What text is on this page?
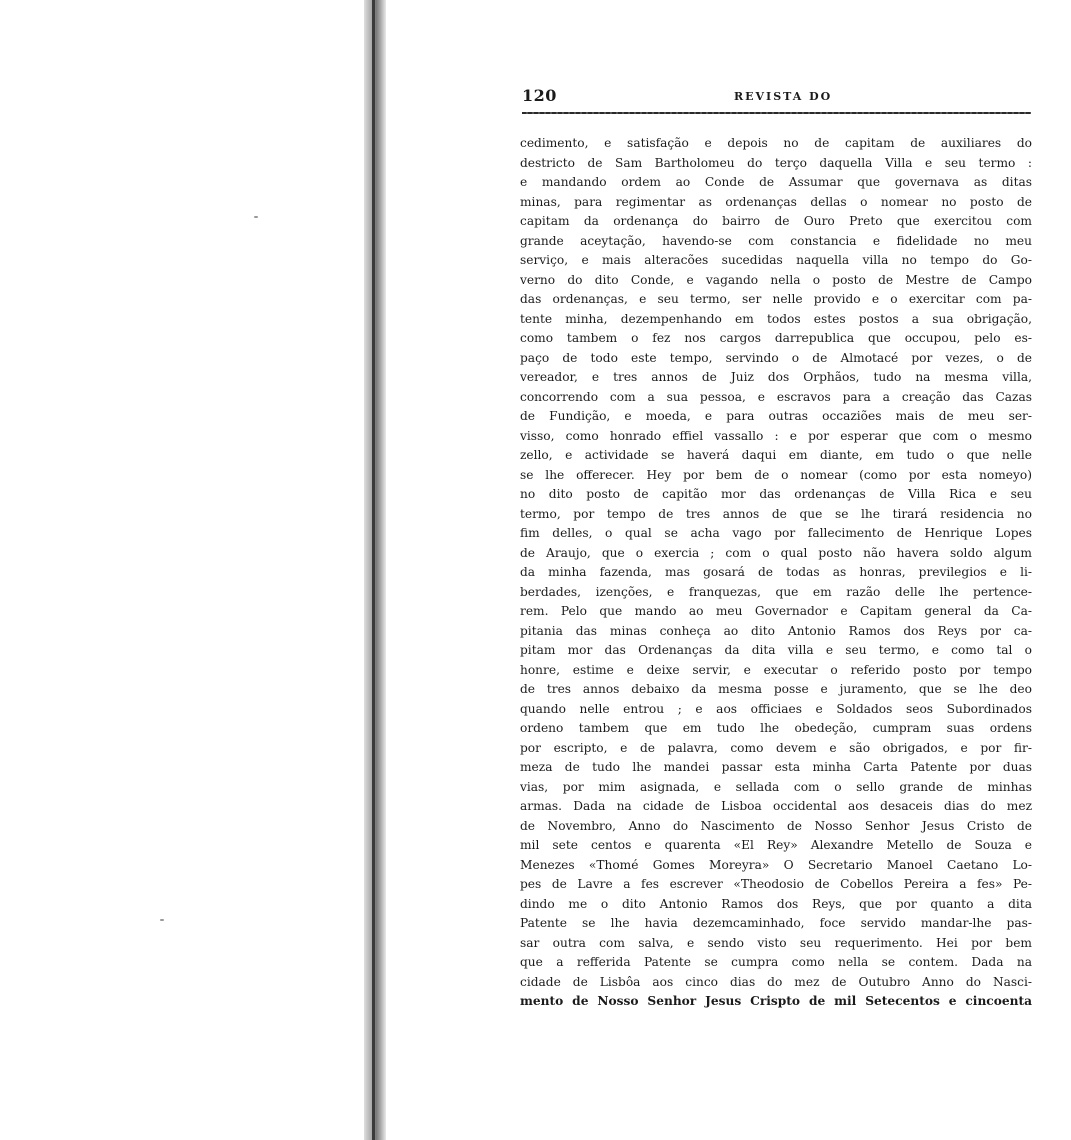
120	REVISTA DO
cedimento, e satisfação e depois no de capitam de auxiliares do
destricto de Sam Bartholomeu do terço daquella Villa e seu termo :
e mandando ordem ao Conde de Assumar que governava as ditas
minas, para regimentar as ordenanças dellas o nomear no posto de
capitam da ordenança do bairro de Ouro Preto que exercitou com
grande aceytação, havendo-se com constancia e fidelidade no meu
serviço, e mais alteracões sucedidas naquella villa no tempo do Go-
verno do dito Conde, e vagando nella o posto de Mestre de Campo
das ordenanças, e seu termo, ser nelle provido e o exercitar com pa-
tente minha, dezempenhando em todos estes postos a sua obrigação,
como tambem o fez nos cargos darrepublica que occupou, pelo es-
paço de todo este tempo, servindo o de Almotacé por vezes, o de
vereador, e tres annos de Juiz dos Orphãos, tudo na mesma villa,
concorrendo com a sua pessoa, e escravos para a creação das Cazas
de Fundição, e moeda, e para outras occaziões mais de meu ser-
visso, como honrado effiel vassallo : e por esperar que com o mesmo
zello, e actividade se haverá daqui em diante, em tudo o que nelle
se lhe offerecer. Hey por bem de o nomear (como por esta nomeyo)
no dito posto de capitão mor das ordenanças de Villa Rica e seu
termo, por tempo de tres annos de que se lhe tirará residencia no
fim delles, o qual se acha vago por fallecimento de Henrique Lopes
de Araujo, que o exercia ; com o qual posto não havera soldo algum
da minha fazenda, mas gosará de todas as honras, previlegios e li-
berdades, izenções, e franquezas, que em razão delle lhe pertence-
rem. Pelo que mando ao meu Governador e Capitam general da Ca-
pitania das minas conheça ao dito Antonio Ramos dos Reys por ca-
pitam mor das Ordenanças da dita villa e seu termo, e como tal o
honre, estime e deixe servir, e executar o referido posto por tempo
de tres annos debaixo da mesma posse e juramento, que se lhe deo
quando nelle entrou ; e aos officiaes e Soldados seos Subordinados
ordeno tambem que em tudo lhe obedeção, cumpram suas ordens
por escripto, e de palavra, como devem e são obrigados, e por fir-
meza de tudo lhe mandei passar esta minha Carta Patente por duas
vias, por mim asignada, e sellada com o sello grande de minhas
armas. Dada na cidade de Lisboa occidental aos desaceis dias do mez
de Novembro, Anno do Nascimento de Nosso Senhor Jesus Cristo de
mil sete centos e quarenta «El Rey» Alexandre Metello de Souza e
Menezes «Thomé Gomes Moreyra» O Secretario Manoel Caetano Lo-
pes de Lavre a fes escrever «Theodosio de Cobellos Pereira a fes» Pe-
dindo me o dito Antonio Ramos dos Reys, que por quanto a dita
Patente se lhe havia dezemcaminhado, foce servido mandar-lhe pas-
sar outra com salva, e sendo visto seu requerimento. Hei por bem
que a refferida Patente se cumpra como nella se contem. Dada na
cidade de Lisbôa aos cinco dias do mez de Outubro Anno do Nasci-
mento de Nosso Senhor Jesus Crispto de mil Setecentos e cincoenta
